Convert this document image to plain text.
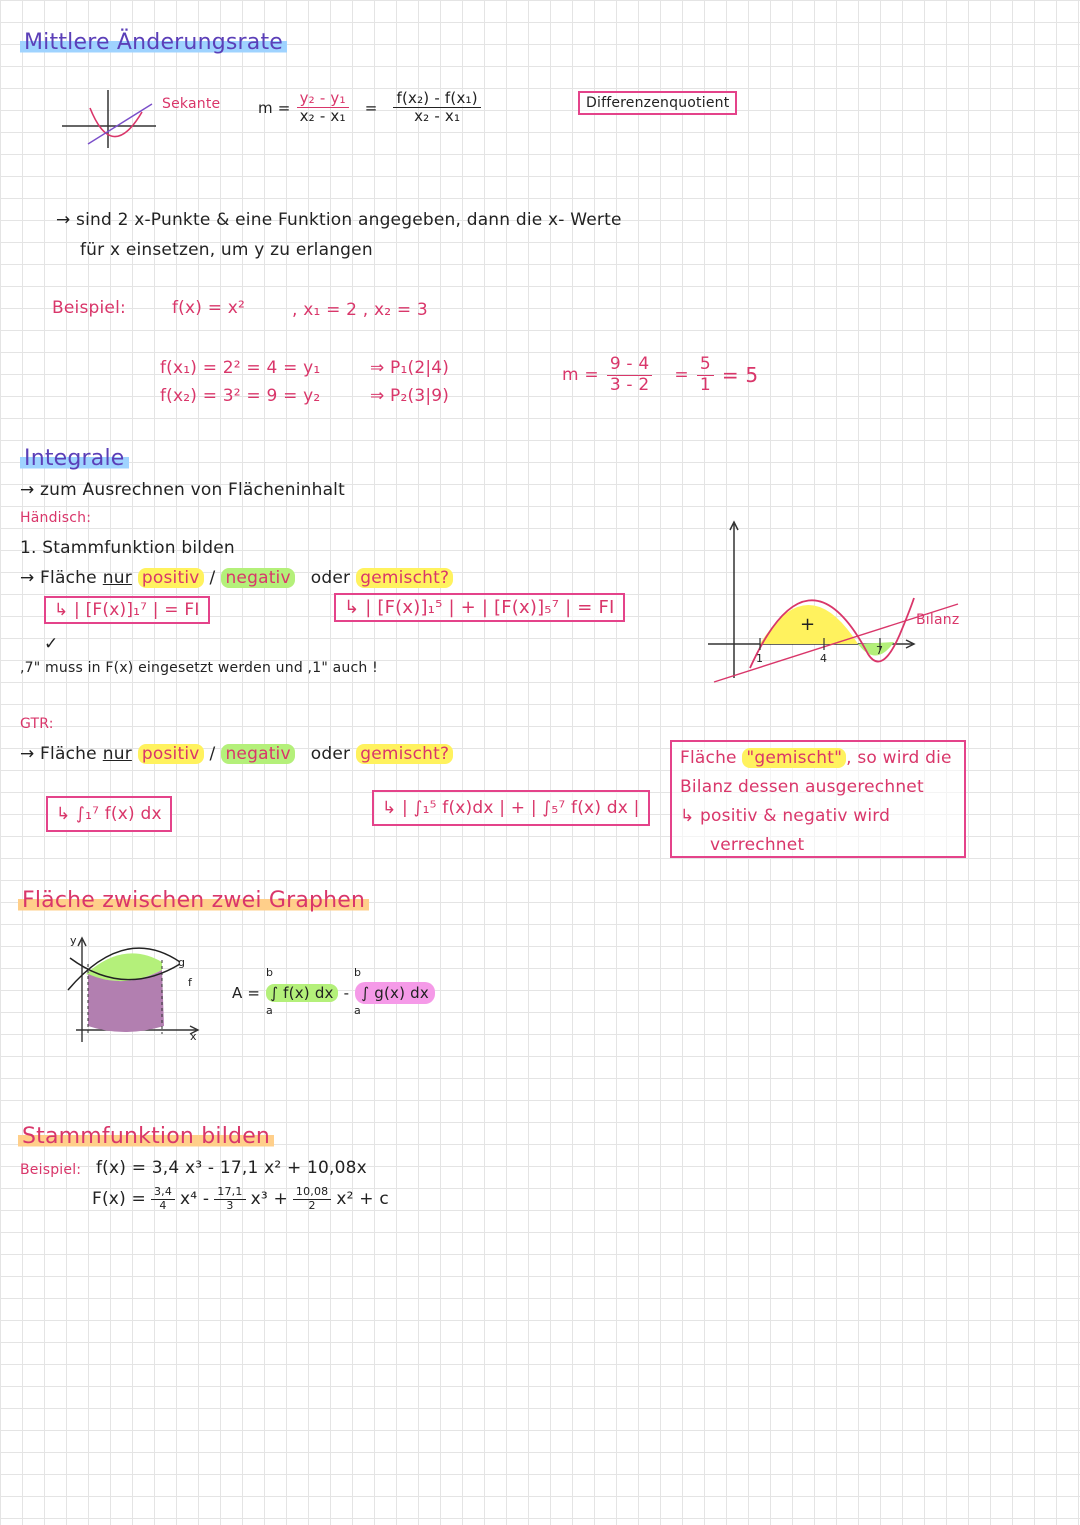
Mittlere Änderungsrate
Sekante	$m = \frac{\text{y₂ - y₁}}{\text{x₂ - x₁}} = \frac{\text{f(x₂) - f(x₁)}}{\text{x₂ - x₁}}$	Differenzenquotient
→ sind 2 x-Punkte & eine Funktion angegeben, dann die x- Werte
für x einsetzen, um y zu erlangen
Beispiel:	f(x) = x²	, x₁ = 2 , x₂ = 3
f(x₁) = 2² = 4 = y₁
f(x₂) = 3² = 9 = y₂
⇒ P₁(2|4)
⇒ P₂(3|9)
$m = \frac{9 - 4}{3 - 2} = \frac{5}{1} = 5$
Integrale
→ zum Ausrechnen von Flächeninhalt
Händisch:
1. Stammfunktion bilden
→ Fläche nur positiv / negativ oder gemischt?
↳ | [F(x)]₁⁷ | = FI	↳ | [F(x)]₁⁵ | + | [F(x)]₅⁷ | = FI
✓
,7" muss in F(x) eingesetzt werden und ,1" auch !
GTR:
→ Fläche nur positiv / negativ oder gemischt?
↳ ∫₁⁷ f(x) dx	↳ | ∫₁⁵ f(x)dx | + | ∫₅⁷ f(x) dx |
+
1	4
7
Bilanz
Fläche "gemischt" , so wird die
Bilanz dessen ausgerechnet
↳ positiv & negativ wird
verrechnet
Fläche zwischen zwei Graphen
y
g
f
x
A = ∫ f(x) dx - ∫ g(x) dx
b
a
b
a
Stammfunktion bilden
Beispiel: f(x) = 3,4 x³ - 17,1 x² + 10,08x
$F(x) = \frac{3,4}{4} x^4 - \frac{17,1}{3} x^3 + \frac{10,08}{2} x^2 + c$
